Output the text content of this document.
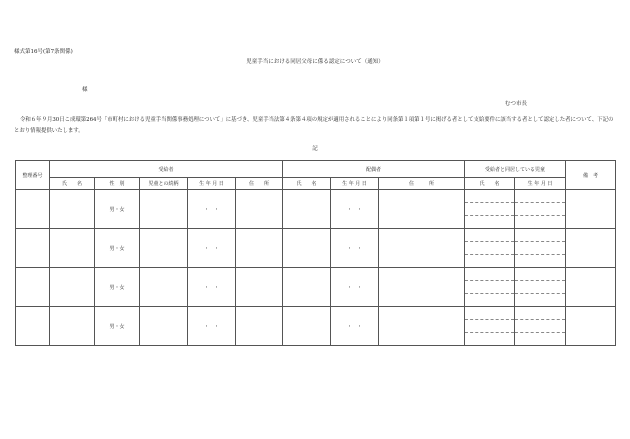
様式第16号(第7条関係)
児童手当における同居父母に係る認定について（通知）
様
むつ市長
令和６年９月30日こ成環第264号「市町村における児童手当関係事務処理について」に基づき、児童手当法第４条第４項の規定が適用されることにより同条第１項第１号に掲げる者として支給要件に該当する者として認定した者について、下記のとおり情報提供いたします。
記
整理番号	受給者					配偶者			受給者と同居している児童		備　考
	氏　　名	性　別	児童との続柄	生 年 月 日	住　　所	氏　　名	生 年 月 日	住　　　所	氏　　名	生 年 月 日	
		男・女		・　・			・　・		

		男・女		・　・			・　・		

		男・女		・　・			・　・		

		男・女		・　・			・　・		
